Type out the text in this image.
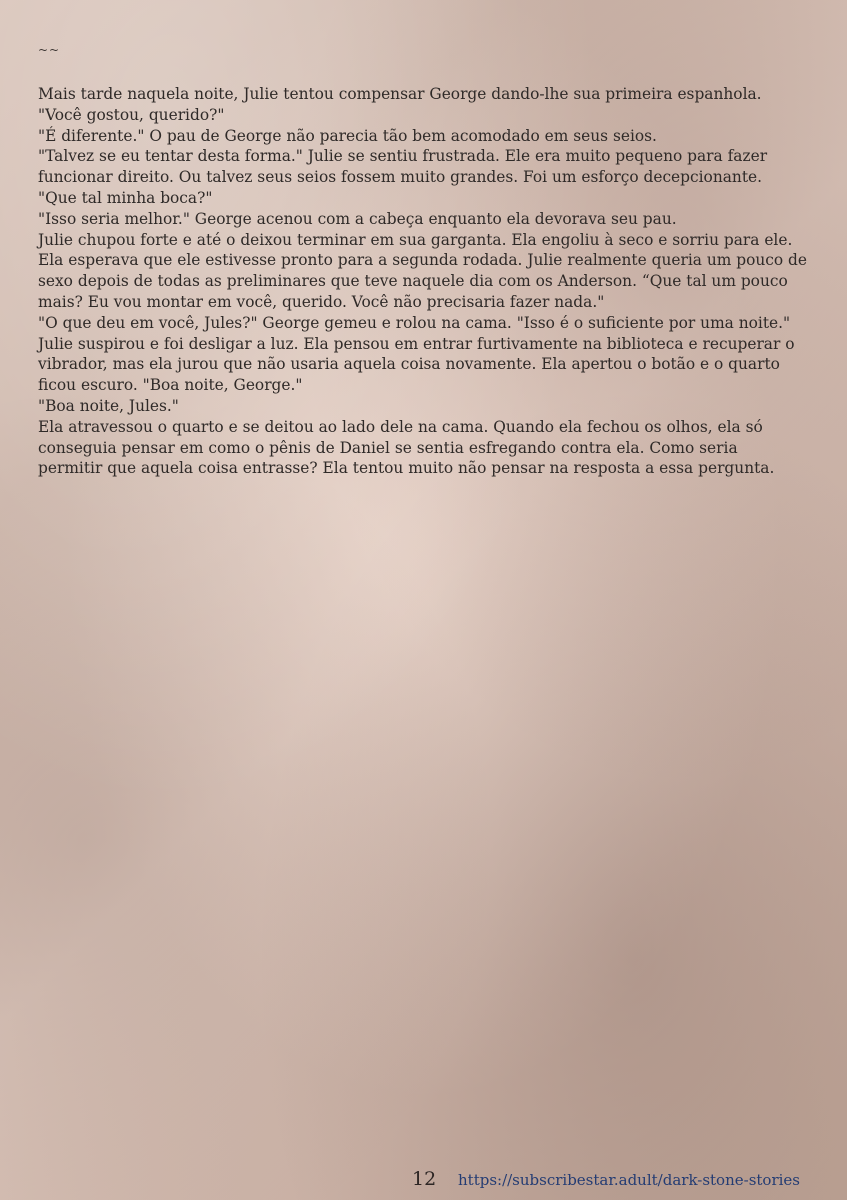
~~
Mais tarde naquela noite, Julie tentou compensar George dando-lhe sua primeira espanhola.
"Você gostou, querido?"
"É diferente." O pau de George não parecia tão bem acomodado em seus seios.
"Talvez se eu tentar desta forma." Julie se sentiu frustrada. Ele era muito pequeno para fazer
funcionar direito. Ou talvez seus seios fossem muito grandes. Foi um esforço decepcionante.
"Que tal minha boca?"
"Isso seria melhor." George acenou com a cabeça enquanto ela devorava seu pau.
Julie chupou forte e até o deixou terminar em sua garganta. Ela engoliu à seco e sorriu para ele.
Ela esperava que ele estivesse pronto para a segunda rodada. Julie realmente queria um pouco de
sexo depois de todas as preliminares que teve naquele dia com os Anderson. “Que tal um pouco
mais? Eu vou montar em você, querido. Você não precisaria fazer nada."
"O que deu em você, Jules?" George gemeu e rolou na cama. "Isso é o suficiente por uma noite."
Julie suspirou e foi desligar a luz. Ela pensou em entrar furtivamente na biblioteca e recuperar o
vibrador, mas ela jurou que não usaria aquela coisa novamente. Ela apertou o botão e o quarto
ficou escuro. "Boa noite, George."
"Boa noite, Jules."
Ela atravessou o quarto e se deitou ao lado dele na cama. Quando ela fechou os olhos, ela só
conseguia pensar em como o pênis de Daniel se sentia esfregando contra ela. Como seria
permitir que aquela coisa entrasse? Ela tentou muito não pensar na resposta a essa pergunta.
12 https://subscribestar.adult/dark-stone-stories
